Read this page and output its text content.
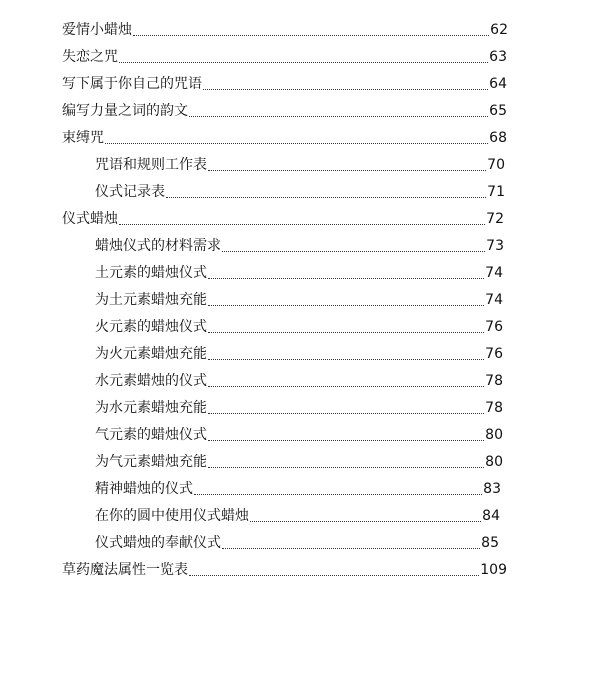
爱情小蜡烛	62
失恋之咒	63
写下属于你自己的咒语	64
编写力量之词的韵文	65
束缚咒	68
咒语和规则工作表	70
仪式记录表	71
仪式蜡烛	72
蜡烛仪式的材料需求	73
土元素的蜡烛仪式	74
为土元素蜡烛充能	74
火元素的蜡烛仪式	76
为火元素蜡烛充能	76
水元素蜡烛的仪式	78
为水元素蜡烛充能	78
气元素的蜡烛仪式	80
为气元素蜡烛充能	80
精神蜡烛的仪式	83
在你的圆中使用仪式蜡烛	84
仪式蜡烛的奉献仪式	85
草药魔法属性一览表	109
